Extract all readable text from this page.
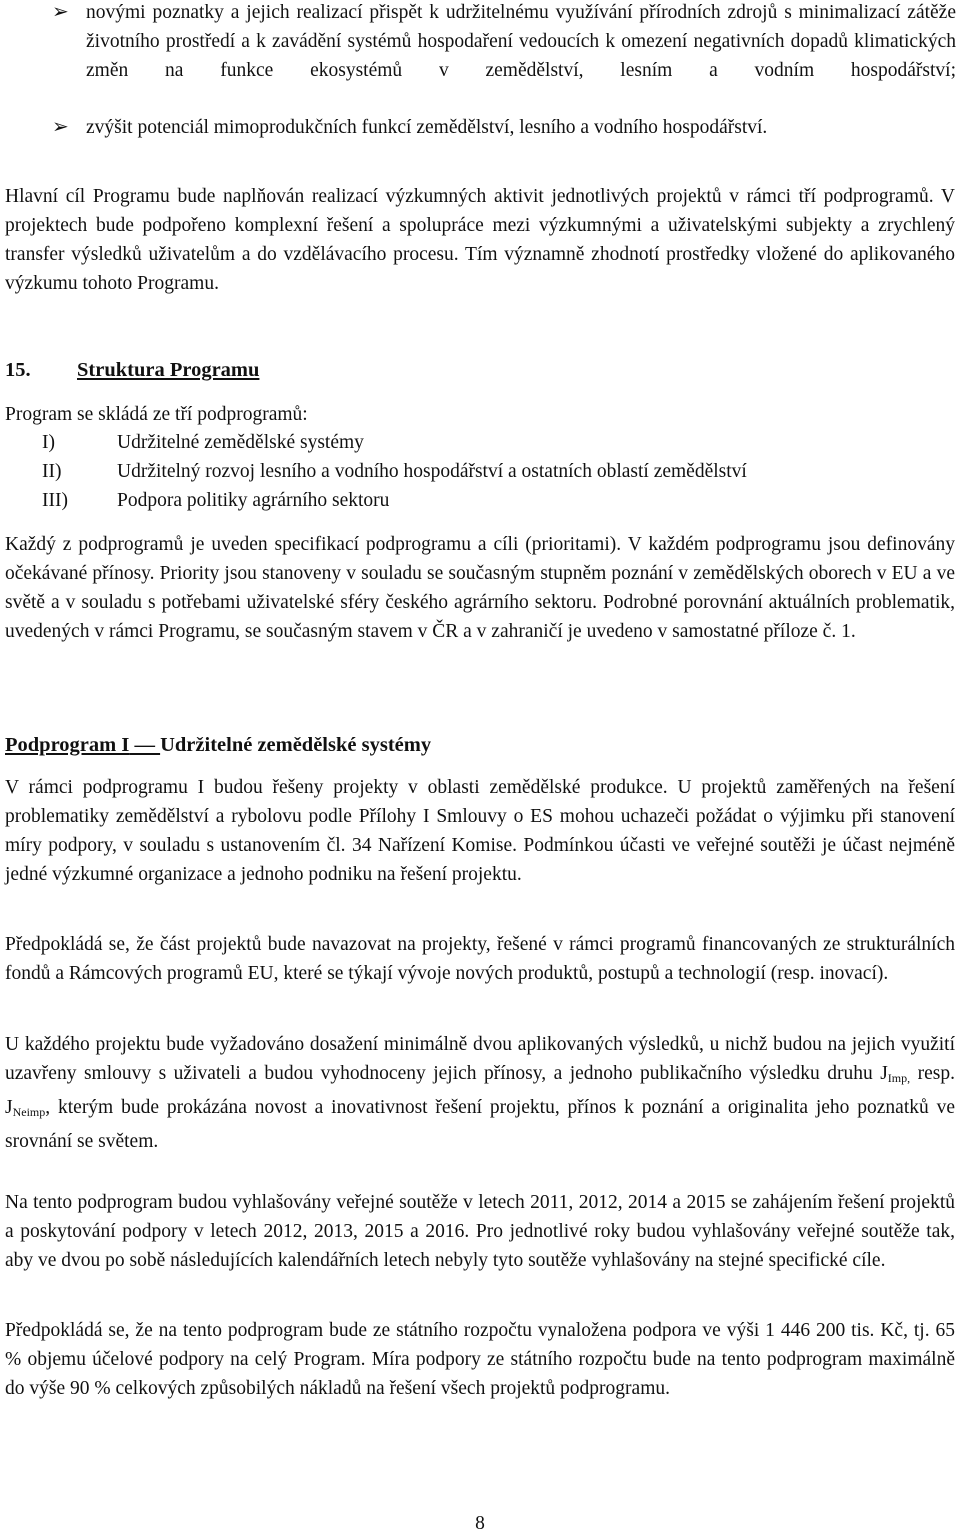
➢ novými poznatky a jejich realizací přispět k udržitelnému využívání přírodních zdrojů s minimalizací zátěže životního prostředí a k zavádění systémů hospodaření vedoucích k omezení negativních dopadů klimatických změn na funkce ekosystémů v zemědělství, lesním a vodním hospodářství;
➢ zvýšit potenciál mimoprodukčních funkcí zemědělství, lesního a vodního hospodářství.

Hlavní cíl Programu bude naplňován realizací výzkumných aktivit jednotlivých projektů v rámci tří podprogramů. V projektech bude podpořeno komplexní řešení a spolupráce mezi výzkumnými a uživatelskými subjekty a zrychlený transfer výsledků uživatelům a do vzdělávacího procesu. Tím významně zhodnotí prostředky vložené do aplikovaného výzkumu tohoto Programu.

15. Struktura Programu
Program se skládá ze tří podprogramů:
I)	Udržitelné zemědělské systémy
II)	Udržitelný rozvoj lesního a vodního hospodářství a ostatních oblastí zemědělství
III)	Podpora politiky agrárního sektoru

Každý z podprogramů je uveden specifikací podprogramu a cíli (prioritami). V každém podprogramu jsou definovány očekávané přínosy. Priority jsou stanoveny v souladu se současným stupněm poznání v zemědělských oborech v EU a ve světě a v souladu s potřebami uživatelské sféry českého agrárního sektoru. Podrobné porovnání aktuálních problematik, uvedených v rámci Programu, se současným stavem v ČR a v zahraničí je uvedeno v samostatné příloze č. 1.

Podprogram I — Udržitelné zemědělské systémy

V rámci podprogramu I budou řešeny projekty v oblasti zemědělské produkce. U projektů zaměřených na řešení problematiky zemědělství a rybolovu podle Přílohy I Smlouvy o ES mohou uchazeči požádat o výjimku při stanovení míry podpory, v souladu s ustanovením čl. 34 Nařízení Komise. Podmínkou účasti ve veřejné soutěži je účast nejméně jedné výzkumné organizace a jednoho podniku na řešení projektu.

Předpokládá se, že část projektů bude navazovat na projekty, řešené v rámci programů financovaných ze strukturálních fondů a Rámcových programů EU, které se týkají vývoje nových produktů, postupů a technologií (resp. inovací).

U každého projektu bude vyžadováno dosažení minimálně dvou aplikovaných výsledků, u nichž budou na jejich využití uzavřeny smlouvy s uživateli a budou vyhodnoceny jejich přínosy, a jednoho publikačního výsledku druhu $J_{Imp,}$ resp. $J_{Neimp}$, kterým bude prokázána novost a inovativnost řešení projektu, přínos k poznání a originalita jeho poznatků ve srovnání se světem.

Na tento podprogram budou vyhlašovány veřejné soutěže v letech 2011, 2012, 2014 a 2015 se zahájením řešení projektů a poskytování podpory v letech 2012, 2013, 2015 a 2016. Pro jednotlivé roky budou vyhlašovány veřejné soutěže tak, aby ve dvou po sobě následujících kalendářních letech nebyly tyto soutěže vyhlašovány na stejné specifické cíle.

Předpokládá se, že na tento podprogram bude ze státního rozpočtu vynaložena podpora ve výši 1 446 200 tis. Kč, tj. 65 % objemu účelové podpory na celý Program. Míra podpory ze státního rozpočtu bude na tento podprogram maximálně do výše 90 % celkových způsobilých nákladů na řešení všech projektů podprogramu.

8
